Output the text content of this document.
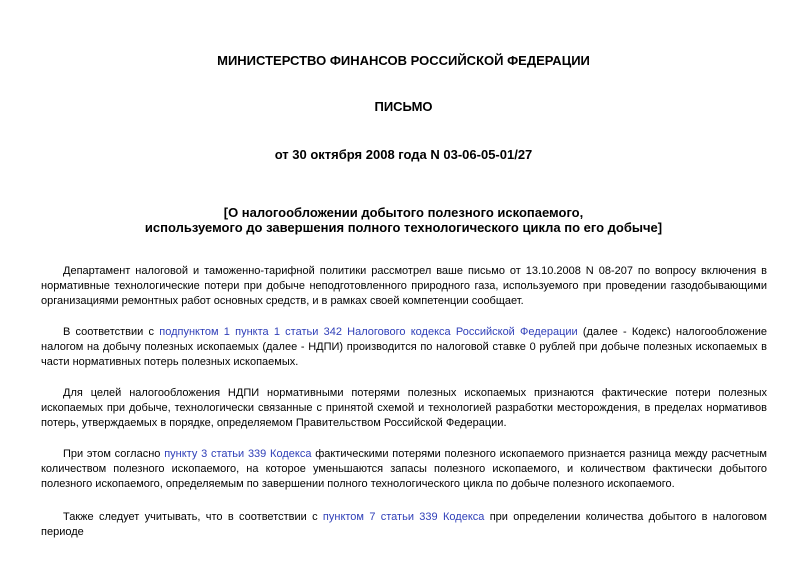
МИНИСТЕРСТВО ФИНАНСОВ РОССИЙСКОЙ ФЕДЕРАЦИИ

ПИСЬМО

от 30 октября 2008 года N 03-06-05-01/27

[О налогообложении добытого полезного ископаемого,
используемого до завершения полного технологического цикла по его добыче]

Департамент налоговой и таможенно-тарифной политики рассмотрел ваше письмо от 13.10.2008 N 08-207 по вопросу включения в нормативные технологические потери при добыче неподготовленного природного газа, используемого при проведении газодобывающими организациями ремонтных работ основных средств, и в рамках своей компетенции сообщает.

В соответствии с подпунктом 1 пункта 1 статьи 342 Налогового кодекса Российской Федерации (далее - Кодекс) налогообложение налогом на добычу полезных ископаемых (далее - НДПИ) производится по налоговой ставке 0 рублей при добыче полезных ископаемых в части нормативных потерь полезных ископаемых.

Для целей налогообложения НДПИ нормативными потерями полезных ископаемых признаются фактические потери полезных ископаемых при добыче, технологически связанные с принятой схемой и технологией разработки месторождения, в пределах нормативов потерь, утверждаемых в порядке, определяемом Правительством Российской Федерации.

При этом согласно пункту 3 статьи 339 Кодекса фактическими потерями полезного ископаемого признается разница между расчетным количеством полезного ископаемого, на которое уменьшаются запасы полезного ископаемого, и количеством фактически добытого полезного ископаемого, определяемым по завершении полного технологического цикла по добыче полезного ископаемого.

Также следует учитывать, что в соответствии с пунктом 7 статьи 339 Кодекса при определении количества добытого в налоговом периоде
